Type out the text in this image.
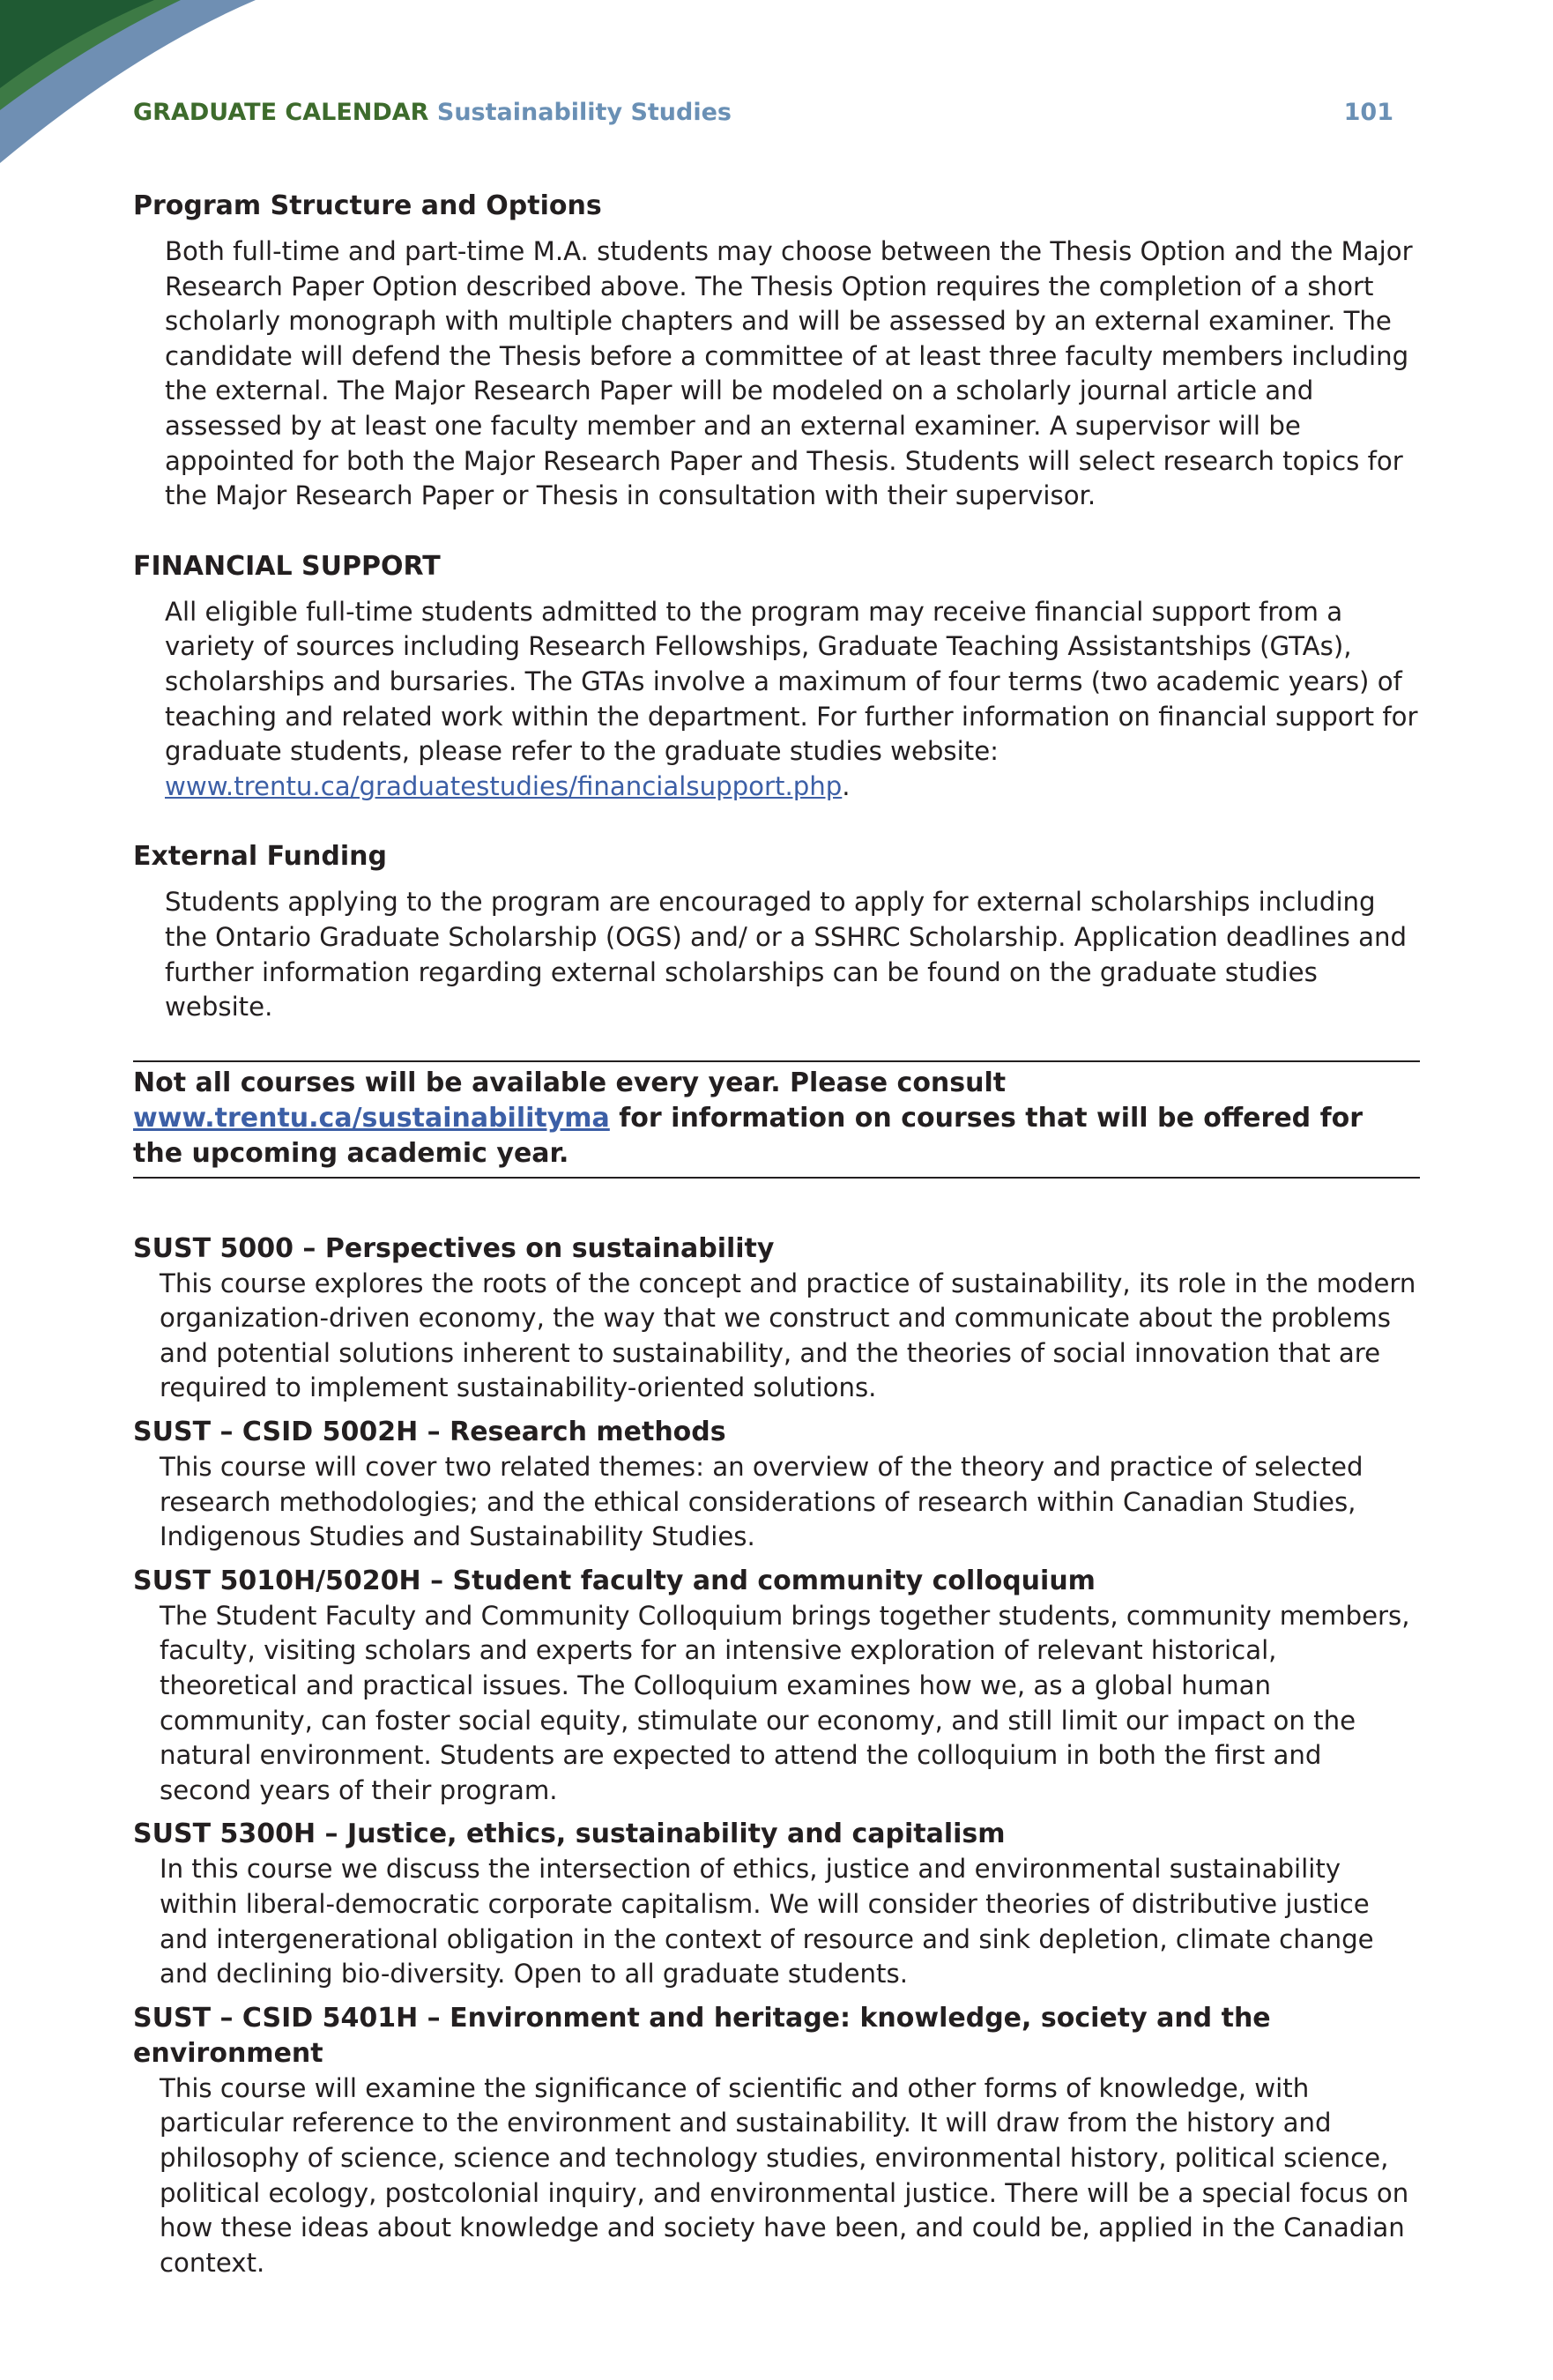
GRADUATE CALENDAR Sustainability Studies	101
Program Structure and Options

Both full-time and part-time M.A. students may choose between the Thesis Option and the Major Research Paper Option described above. The Thesis Option requires the completion of a short scholarly monograph with multiple chapters and will be assessed by an external examiner. The candidate will defend the Thesis before a committee of at least three faculty members including the external. The Major Research Paper will be modeled on a scholarly journal article and assessed by at least one faculty member and an external examiner. A supervisor will be appointed for both the Major Research Paper and Thesis. Students will select research topics for the Major Research Paper or Thesis in consultation with their supervisor.

FINANCIAL SUPPORT

All eligible full-time students admitted to the program may receive financial support from a variety of sources including Research Fellowships, Graduate Teaching Assistantships (GTAs), scholarships and bursaries. The GTAs involve a maximum of four terms (two academic years) of teaching and related work within the department. For further information on financial support for graduate students, please refer to the graduate studies website: www.trentu.ca/graduatestudies/financialsupport.php.

External Funding

Students applying to the program are encouraged to apply for external scholarships including the Ontario Graduate Scholarship (OGS) and/ or a SSHRC Scholarship. Application deadlines and further information regarding external scholarships can be found on the graduate studies website.

Not all courses will be available every year. Please consult www.trentu.ca/sustainabilityma for information on courses that will be offered for the upcoming academic year.
SUST 5000 – Perspectives on sustainability

This course explores the roots of the concept and practice of sustainability, its role in the modern organization-driven economy, the way that we construct and communicate about the problems and potential solutions inherent to sustainability, and the theories of social innovation that are required to implement sustainability-oriented solutions.

SUST – CSID 5002H – Research methods

This course will cover two related themes: an overview of the theory and practice of selected research methodologies; and the ethical considerations of research within Canadian Studies, Indigenous Studies and Sustainability Studies.

SUST 5010H/5020H – Student faculty and community colloquium

The Student Faculty and Community Colloquium brings together students, community members, faculty, visiting scholars and experts for an intensive exploration of relevant historical, theoretical and practical issues. The Colloquium examines how we, as a global human community, can foster social equity, stimulate our economy, and still limit our impact on the natural environment. Students are expected to attend the colloquium in both the first and second years of their program.

SUST 5300H – Justice, ethics, sustainability and capitalism

In this course we discuss the intersection of ethics, justice and environmental sustainability within liberal-democratic corporate capitalism. We will consider theories of distributive justice and intergenerational obligation in the context of resource and sink depletion, climate change and declining bio-diversity. Open to all graduate students.

SUST – CSID 5401H – Environment and heritage: knowledge, society and the environment

This course will examine the significance of scientific and other forms of knowledge, with particular reference to the environment and sustainability. It will draw from the history and philosophy of science, science and technology studies, environmental history, political science, political ecology, postcolonial inquiry, and environmental justice. There will be a special focus on how these ideas about knowledge and society have been, and could be, applied in the Canadian context.
